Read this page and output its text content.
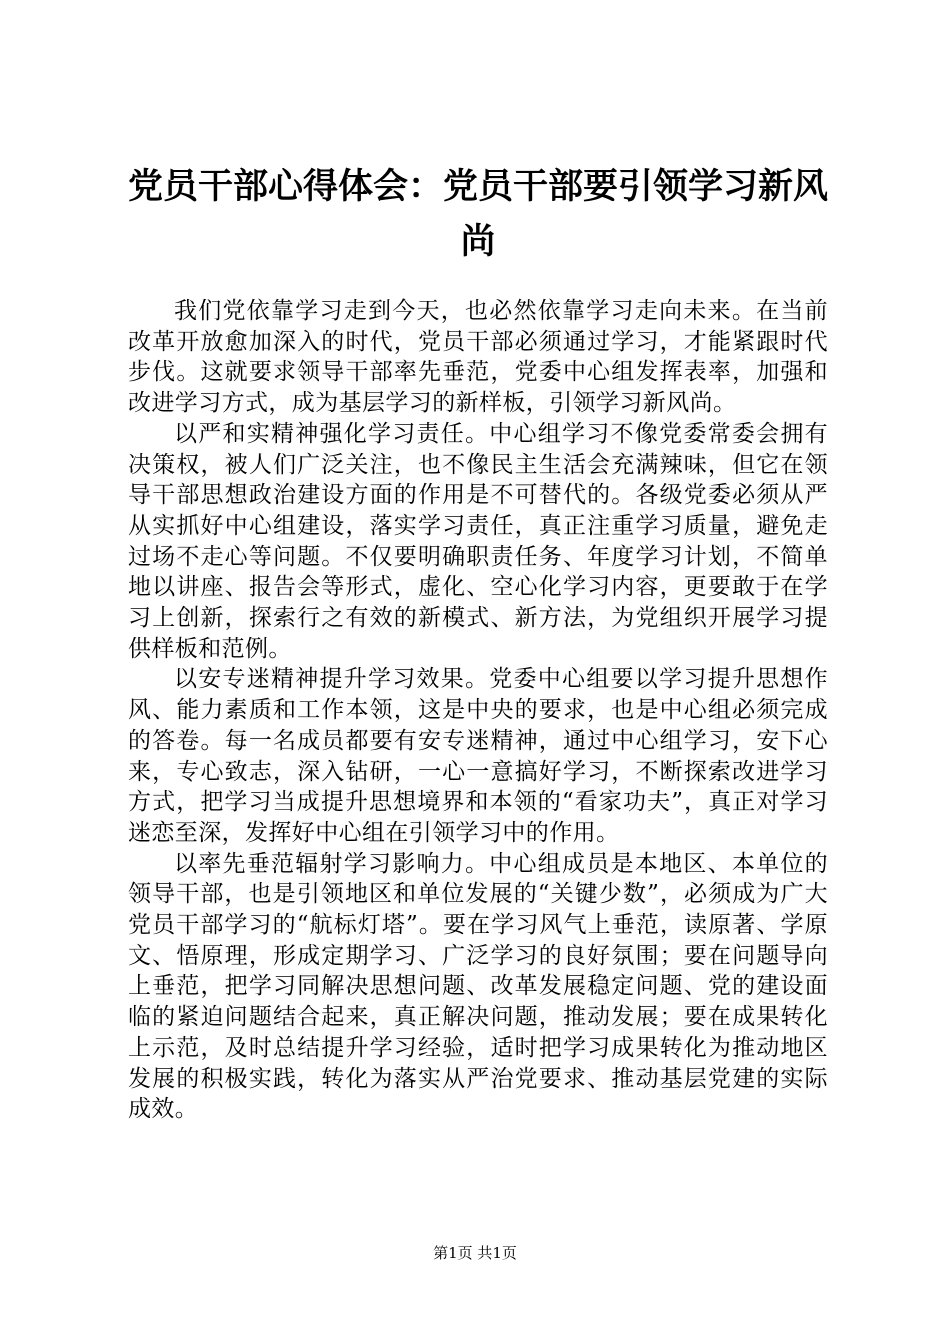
党员干部心得体会：党员干部要引领学习新风尚

我们党依靠学习走到今天，也必然依靠学习走向未来。在当前改革开放愈加深入的时代，党员干部必须通过学习，才能紧跟时代步伐。这就要求领导干部率先垂范，党委中心组发挥表率，加强和改进学习方式，成为基层学习的新样板，引领学习新风尚。

以严和实精神强化学习责任。中心组学习不像党委常委会拥有决策权，被人们广泛关注，也不像民主生活会充满辣味，但它在领导干部思想政治建设方面的作用是不可替代的。各级党委必须从严从实抓好中心组建设，落实学习责任，真正注重学习质量，避免走过场不走心等问题。不仅要明确职责任务、年度学习计划，不简单地以讲座、报告会等形式，虚化、空心化学习内容，更要敢于在学习上创新，探索行之有效的新模式、新方法，为党组织开展学习提供样板和范例。

以安专迷精神提升学习效果。党委中心组要以学习提升思想作风、能力素质和工作本领，这是中央的要求，也是中心组必须完成的答卷。每一名成员都要有安专迷精神，通过中心组学习，安下心来，专心致志，深入钻研，一心一意搞好学习，不断探索改进学习方式，把学习当成提升思想境界和本领的“看家功夫”，真正对学习迷恋至深，发挥好中心组在引领学习中的作用。

以率先垂范辐射学习影响力。中心组成员是本地区、本单位的领导干部，也是引领地区和单位发展的“关键少数”，必须成为广大党员干部学习的“航标灯塔”。要在学习风气上垂范，读原著、学原文、悟原理，形成定期学习、广泛学习的良好氛围；要在问题导向上垂范，把学习同解决思想问题、改革发展稳定问题、党的建设面临的紧迫问题结合起来，真正解决问题，推动发展；要在成果转化上示范，及时总结提升学习经验，适时把学习成果转化为推动地区发展的积极实践，转化为落实从严治党要求、推动基层党建的实际成效。

第1页 共1页
